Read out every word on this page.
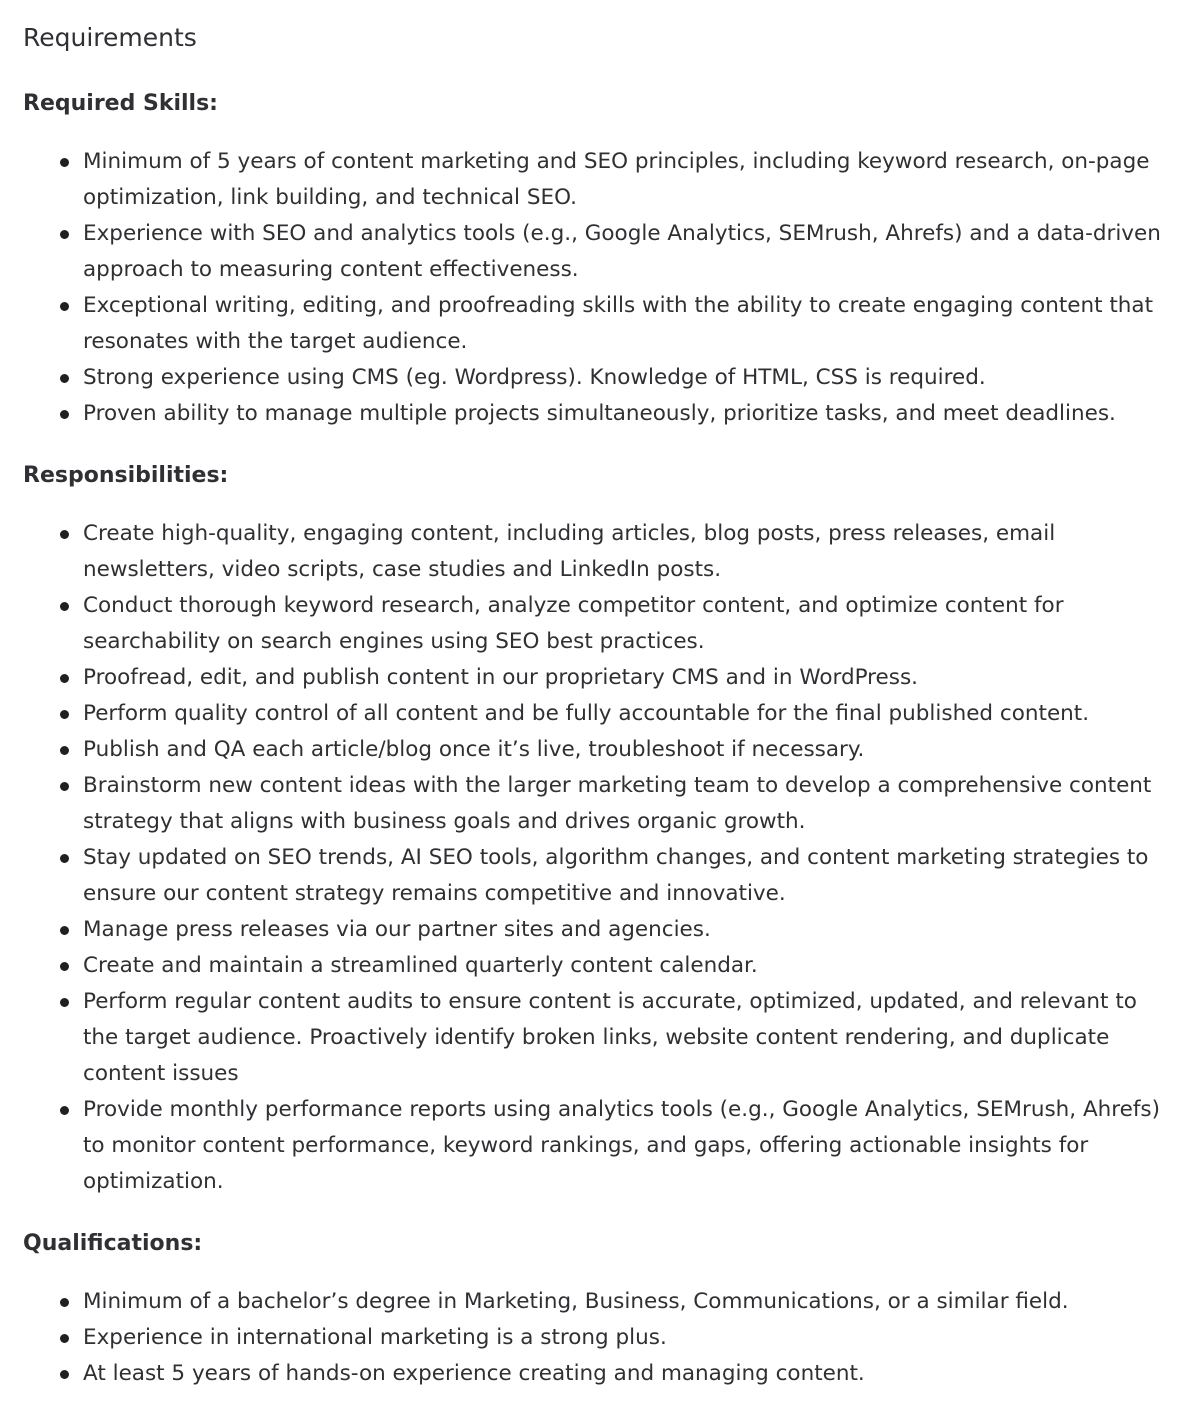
Requirements
Required Skills:
Minimum of 5 years of content marketing and SEO principles, including keyword research, on-page optimization, link building, and technical SEO.
Experience with SEO and analytics tools (e.g., Google Analytics, SEMrush, Ahrefs) and a data-driven approach to measuring content effectiveness.
Exceptional writing, editing, and proofreading skills with the ability to create engaging content that resonates with the target audience.
Strong experience using CMS (eg. Wordpress). Knowledge of HTML, CSS is required.
Proven ability to manage multiple projects simultaneously, prioritize tasks, and meet deadlines.
Responsibilities:
Create high-quality, engaging content, including articles, blog posts, press releases, email newsletters, video scripts, case studies and LinkedIn posts.
Conduct thorough keyword research, analyze competitor content, and optimize content for searchability on search engines using SEO best practices.
Proofread, edit, and publish content in our proprietary CMS and in WordPress.
Perform quality control of all content and be fully accountable for the final published content.
Publish and QA each article/blog once it’s live, troubleshoot if necessary.
Brainstorm new content ideas with the larger marketing team to develop a comprehensive content strategy that aligns with business goals and drives organic growth.
Stay updated on SEO trends, AI SEO tools, algorithm changes, and content marketing strategies to ensure our content strategy remains competitive and innovative.
Manage press releases via our partner sites and agencies.
Create and maintain a streamlined quarterly content calendar.
Perform regular content audits to ensure content is accurate, optimized, updated, and relevant to the target audience. Proactively identify broken links, website content rendering, and duplicate content issues
Provide monthly performance reports using analytics tools (e.g., Google Analytics, SEMrush, Ahrefs) to monitor content performance, keyword rankings, and gaps, offering actionable insights for optimization.
Qualifications:
Minimum of a bachelor’s degree in Marketing, Business, Communications, or a similar field.
Experience in international marketing is a strong plus.
At least 5 years of hands-on experience creating and managing content.
